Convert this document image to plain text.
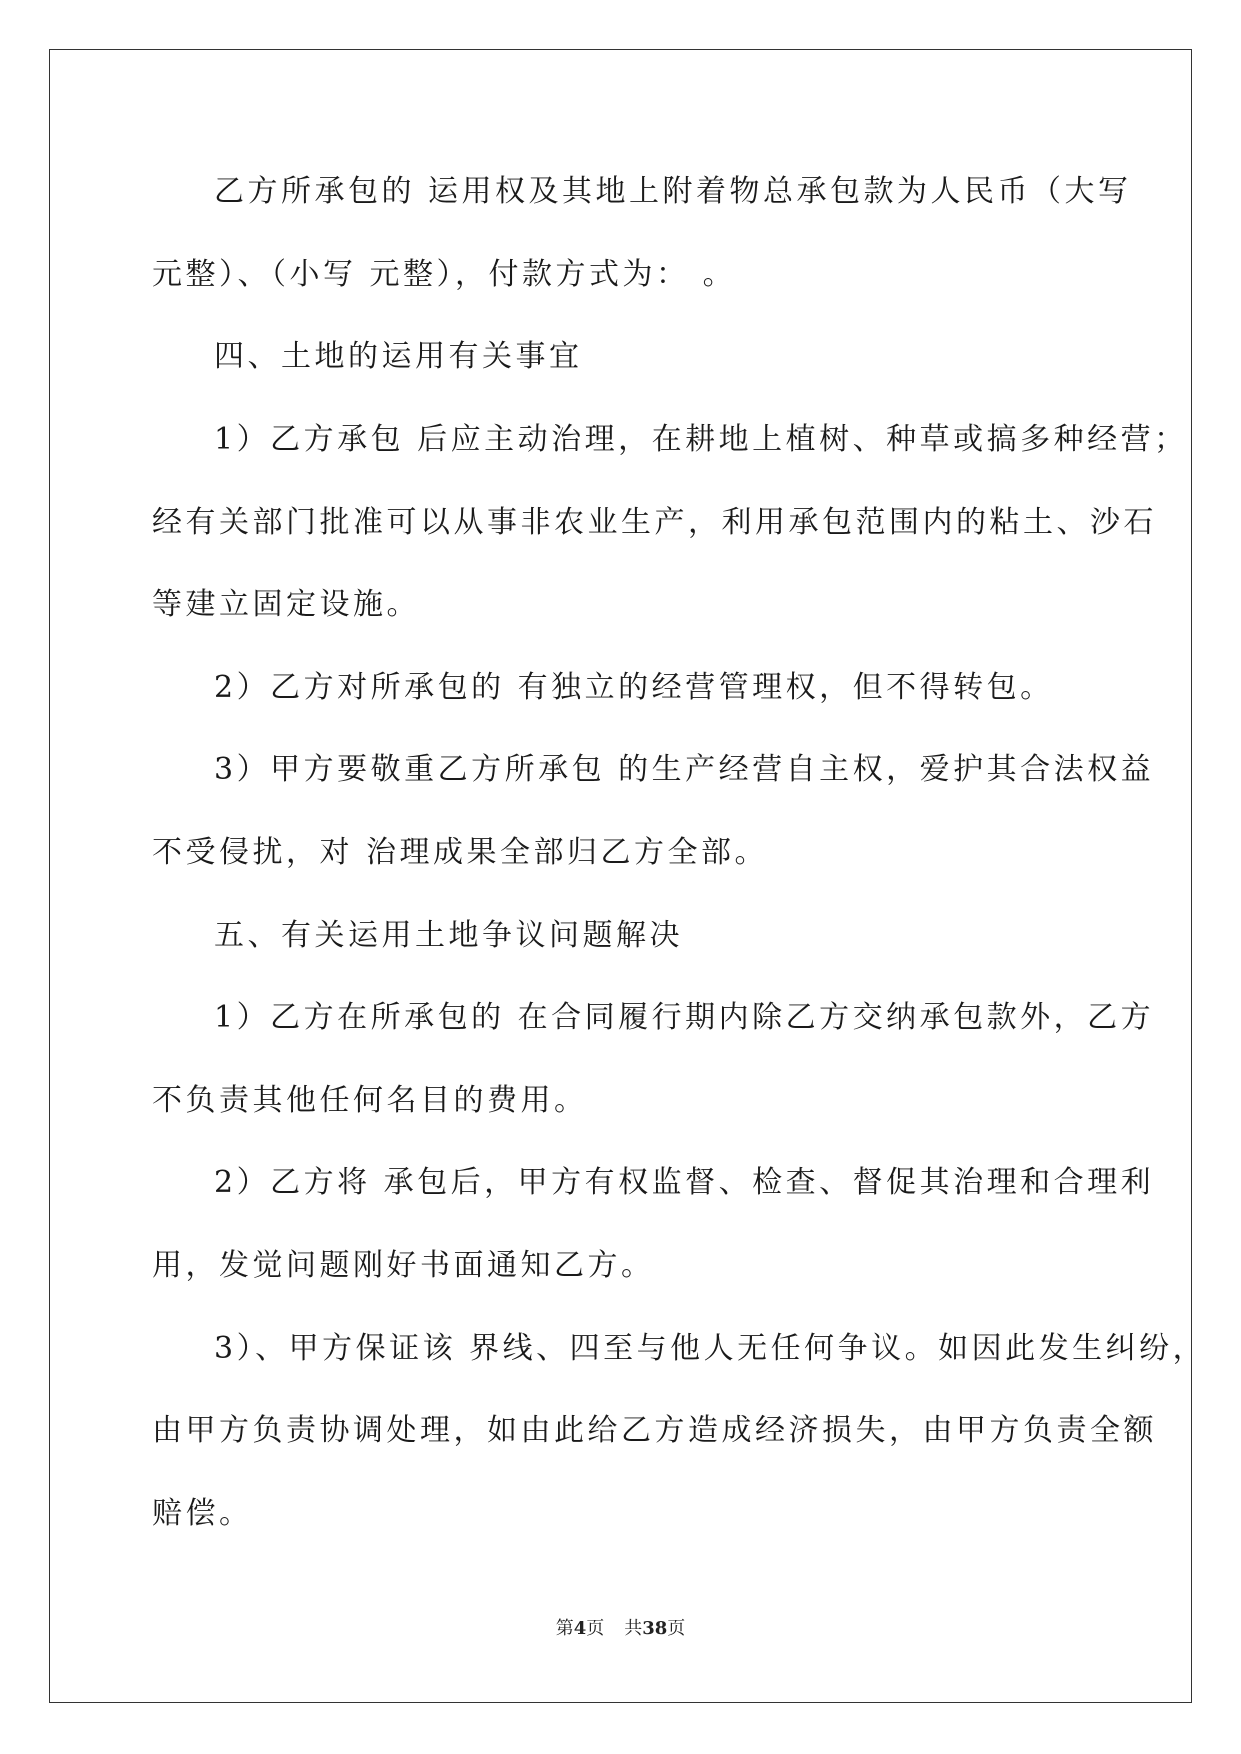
乙方所承包的 运用权及其地上附着物总承包款为人民币（大写
元整）、（小写 元整），付款方式为： 。
四、土地的运用有关事宜
1）乙方承包 后应主动治理，在耕地上植树、种草或搞多种经营；
经有关部门批准可以从事非农业生产，利用承包范围内的粘土、沙石
等建立固定设施。
2）乙方对所承包的 有独立的经营管理权，但不得转包。
3）甲方要敬重乙方所承包 的生产经营自主权，爱护其合法权益
不受侵扰，对 治理成果全部归乙方全部。
五、有关运用土地争议问题解决
1）乙方在所承包的 在合同履行期内除乙方交纳承包款外，乙方
不负责其他任何名目的费用。
2）乙方将 承包后，甲方有权监督、检查、督促其治理和合理利
用，发觉问题刚好书面通知乙方。
3）、甲方保证该 界线、四至与他人无任何争议。如因此发生纠纷，
由甲方负责协调处理，如由此给乙方造成经济损失，由甲方负责全额
赔偿。
第4页 共38页
